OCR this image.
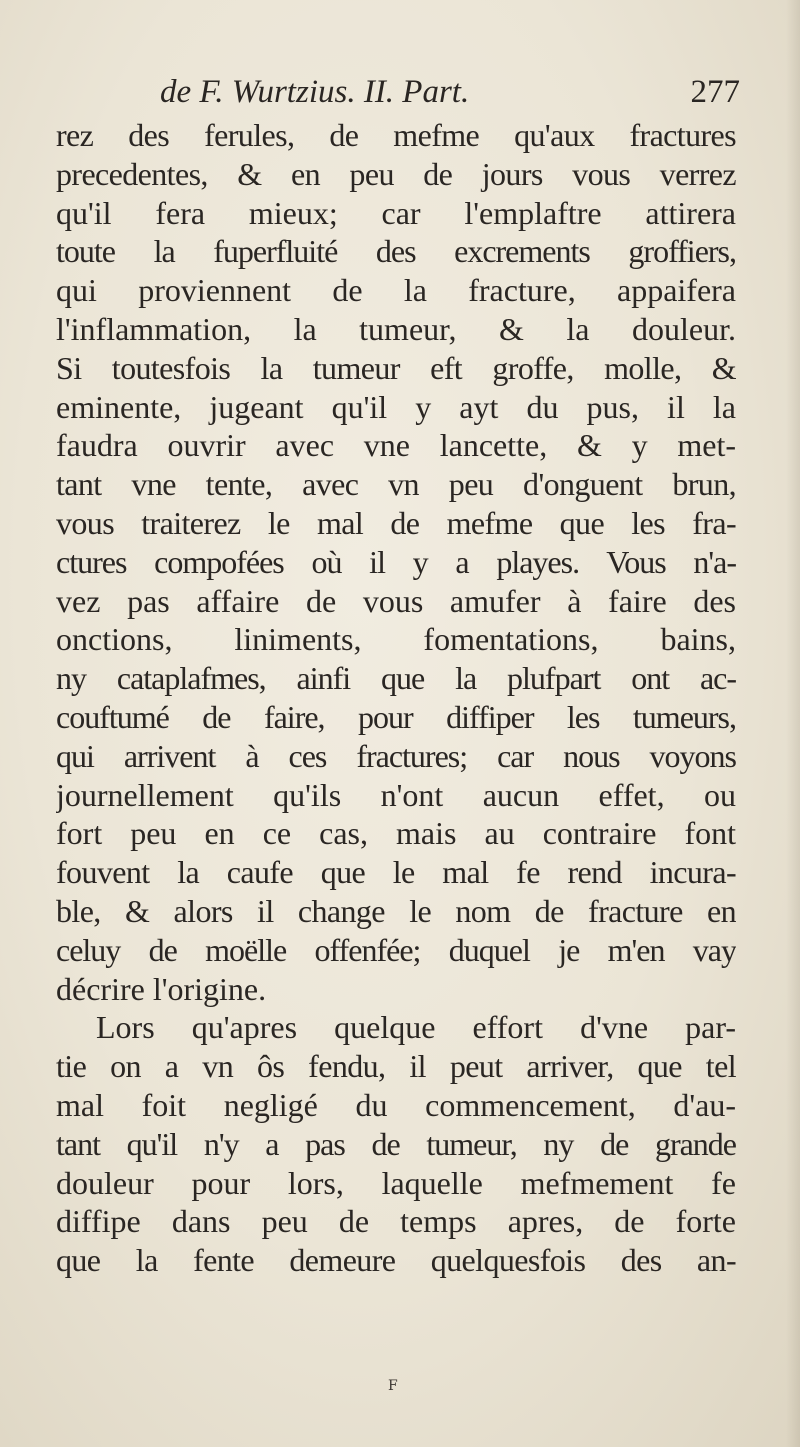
de F. Wurtzius. II. Part.	277
rez des ferules, de mefme qu'aux fractures
precedentes, & en peu de jours vous verrez
qu'il fera mieux; car l'emplaftre attirera
toute la fuperfluité des excrements groffiers,
qui proviennent de la fracture, appaifera
l'inflammation, la tumeur, & la douleur.
Si toutesfois la tumeur eft groffe, molle, &
eminente, jugeant qu'il y ayt du pus, il la
faudra ouvrir avec vne lancette, & y met-
tant vne tente, avec vn peu d'onguent brun,
vous traiterez le mal de mefme que les fra-
ctures compofées où il y a playes. Vous n'a-
vez pas affaire de vous amufer à faire des
onctions, liniments, fomentations, bains,
ny cataplafmes, ainfi que la plufpart ont ac-
couftumé de faire, pour diffiper les tumeurs,
qui arrivent à ces fractures; car nous voyons
journellement qu'ils n'ont aucun effet, ou
fort peu en ce cas, mais au contraire font
fouvent la caufe que le mal fe rend incura-
ble, & alors il change le nom de fracture en
celuy de moëlle offenfée; duquel je m'en vay
décrire l'origine.
Lors qu'apres quelque effort d'vne par-
tie on a vn ôs fendu, il peut arriver, que tel
mal foit negligé du commencement, d'au-
tant qu'il n'y a pas de tumeur, ny de grande
douleur pour lors, laquelle mefmement fe
diffipe dans peu de temps apres, de forte
que la fente demeure quelquesfois des an-
F
